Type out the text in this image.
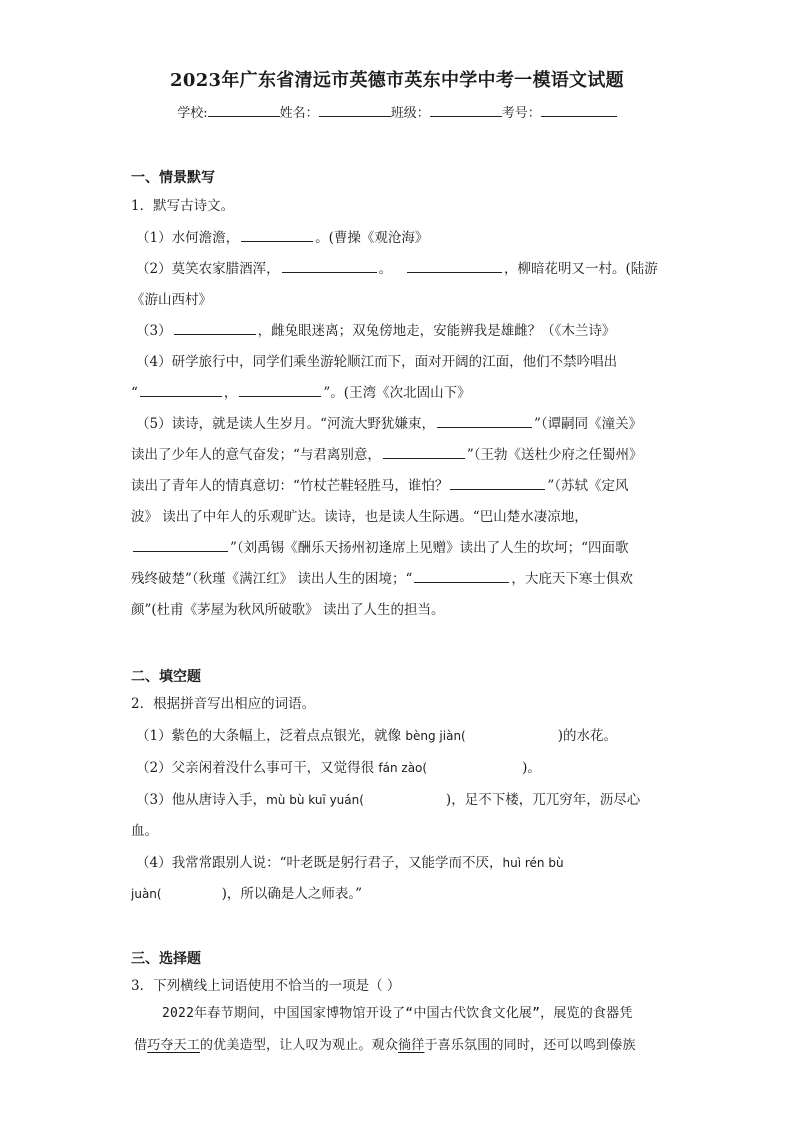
2023年广东省清远市英德市英东中学中考一模语文试题
学校:	姓名：	班级：	考号：
一、情景默写
1．默写古诗文。
（1）水何澹澹，	。(曹操《观沧海》
（2）莫笑农家腊酒浑，	。	，柳暗花明又一村。(陆游
《游山西村》
（3）	，雌兔眼迷离；双兔傍地走，安能辨我是雄雌？（《木兰诗》
（4）研学旅行中，同学们乘坐游轮顺江而下，面对开阔的江面，他们不禁吟唱出
“	，	”。(王湾《次北固山下》
（5）读诗，就是读人生岁月。“河流大野犹嫌束，	”（谭嗣同《潼关》
读出了少年人的意气奋发；“与君离别意，	”（王勃《送杜少府之任蜀州》
读出了青年人的情真意切：“竹杖芒鞋轻胜马，谁怕？	”（苏轼《定风
波》 读出了中年人的乐观旷达。读诗，也是读人生际遇。“巴山楚水凄凉地，
”（刘禹锡《酬乐天扬州初逢席上见赠》读出了人生的坎坷；“四面歌
残终破楚”（秋瑾《满江红》 读出人生的困境；“	，大庇天下寒士俱欢
颜”(杜甫《茅屋为秋风所破歌》 读出了人生的担当。
二、填空题
2．根据拼音写出相应的词语。
（1）紫色的大条幅上，泛着点点银光，就像 bèng jiàn(	)的水花。
（2）父亲闲着没什么事可干，又觉得很 fán zào(	)。
（3）他从唐诗入手，mù bù kuī yuán(	)，足不下楼，兀兀穷年，沥尽心
血。
（4）我常常跟别人说：“叶老既是躬行君子，又能学而不厌，huì rén bù
juàn(	)，所以确是人之师表。”
三、选择题
3．下列横线上词语使用不恰当的一项是（ ）
2022年春节期间，中国国家博物馆开设了“中国古代饮食文化展”，展览的食器凭
借巧夺天工的优美造型，让人叹为观止。观众徜徉于喜乐氛围的同时，还可以鸣到傣族
